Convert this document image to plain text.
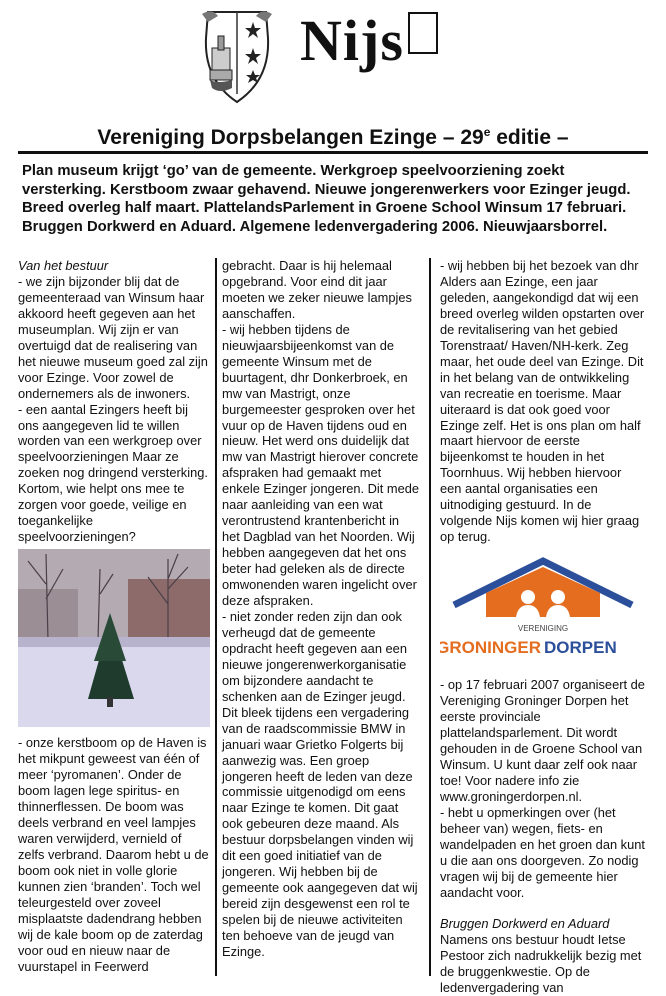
Nijs
Vereniging Dorpsbelangen Ezinge – 29e editie –
Plan museum krijgt ‘go’ van de gemeente. Werkgroep speelvoorziening zoekt versterking. Kerstboom zwaar gehavend. Nieuwe jongerenwerkers voor Ezinger jeugd. Breed overleg half maart. PlattelandsParlement in Groene School Winsum 17 februari. Bruggen Dorkwerd en Aduard. Algemene ledenvergadering 2006. Nieuwjaarsborrel.

Van het bestuur

- we zijn bijzonder blij dat de gemeenteraad van Winsum haar akkoord heeft gegeven aan het museumplan. Wij zijn er van overtuigd dat de realisering van het nieuwe museum goed zal zijn voor Ezinge. Voor zowel de ondernemers als de inwoners.

- een aantal Ezingers heeft bij ons aangegeven lid te willen worden van een werkgroep over speelvoorzieningen Maar ze zoeken nog dringend versterking. Kortom, wie helpt ons mee te zorgen voor goede, veilige en toegankelijke speelvoorzieningen?

- onze kerstboom op de Haven is het mikpunt geweest van één of meer ‘pyromanen’. Onder de boom lagen lege spiritus- en thinnerflessen. De boom was deels verbrand en veel lampjes waren verwijderd, vernield of zelfs verbrand. Daarom hebt u de boom ook niet in volle glorie kunnen zien ‘branden’. Toch wel teleurgesteld over zoveel misplaatste dadendrang hebben wij de kale boom op de zaterdag voor oud en nieuw naar de vuurstapel in Feerwerd

gebracht. Daar is hij helemaal opgebrand. Voor eind dit jaar moeten we zeker nieuwe lampjes aanschaffen.

- wij hebben tijdens de nieuwjaarsbijeenkomst van de gemeente Winsum met de buurtagent, dhr Donkerbroek, en mw van Mastrigt, onze burgemeester gesproken over het vuur op de Haven tijdens oud en nieuw. Het werd ons duidelijk dat mw van Mastrigt hierover concrete afspraken had gemaakt met enkele Ezinger jongeren. Dit mede naar aanleiding van een wat verontrustend krantenbericht in het Dagblad van het Noorden. Wij hebben aangegeven dat het ons beter had geleken als de directe omwonenden waren ingelicht over deze afspraken.

- niet zonder reden zijn dan ook verheugd dat de gemeente opdracht heeft gegeven aan een nieuwe jongerenwerkorganisatie om bijzondere aandacht te schenken aan de Ezinger jeugd. Dit bleek tijdens een vergadering van de raadscommissie BMW in januari waar Grietko Folgerts bij aanwezig was. Een groep jongeren heeft de leden van deze commissie uitgenodigd om eens naar Ezinge te komen. Dit gaat ook gebeuren deze maand. Als bestuur dorpsbelangen vinden wij dit een goed initiatief van de jongeren. Wij hebben bij de gemeente ook aangegeven dat wij bereid zijn desgewenst een rol te spelen bij de nieuwe activiteiten ten behoeve van de jeugd van Ezinge.

- wij hebben bij het bezoek van dhr Alders aan Ezinge, een jaar geleden, aangekondigd dat wij een breed overleg wilden opstarten over de revitalisering van het gebied Torenstraat/ Haven/NH-kerk. Zeg maar, het oude deel van Ezinge. Dit in het belang van de ontwikkeling van recreatie en toerisme. Maar uiteraard is dat ook goed voor Ezinge zelf. Het is ons plan om half maart hiervoor de eerste bijeenkomst te houden in het Toornhuus. Wij hebben hiervoor een aantal organisaties een uitnodiging gestuurd. In de volgende Nijs komen wij hier graag op terug.

VERENIGING
GRONINGER DORPEN

- op 17 februari 2007 organiseert de Vereniging Groninger Dorpen het eerste provinciale plattelandsparlement. Dit wordt gehouden in de Groene School van Winsum. U kunt daar zelf ook naar toe! Voor nadere info zie www.groningerdorpen.nl.

- hebt u opmerkingen over (het beheer van) wegen, fiets- en wandelpaden en het groen dan kunt u die aan ons doorgeven. Zo nodig vragen wij bij de gemeente hier aandacht voor.

Bruggen Dorkwerd en Aduard

Namens ons bestuur houdt Ietse Pestoor zich nadrukkelijk bezig met de bruggenkwestie. Op de ledenvergadering van
